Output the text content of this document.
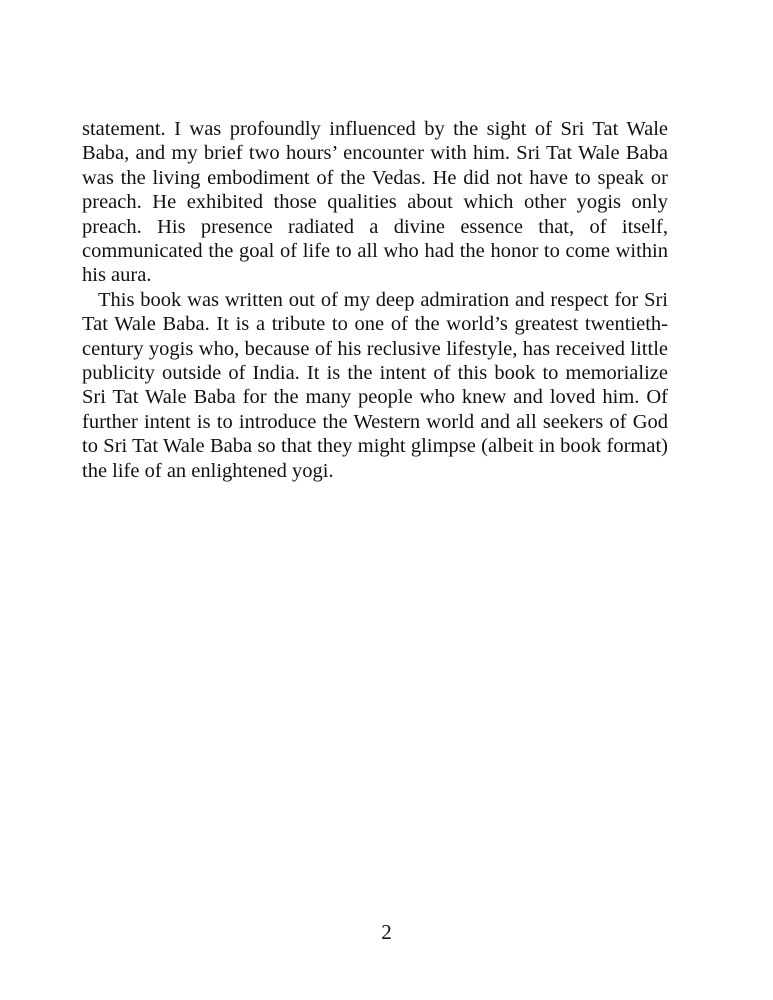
statement. I was profoundly influenced by the sight of Sri Tat Wale Baba, and my brief two hours’ encounter with him. Sri Tat Wale Baba was the living embodiment of the Vedas. He did not have to speak or preach. He exhibited those qualities about which other yogis only preach. His presence radiated a divine essence that, of itself, communicated the goal of life to all who had the honor to come within his aura.

This book was written out of my deep admiration and respect for Sri Tat Wale Baba. It is a tribute to one of the world’s greatest twentieth-century yogis who, because of his reclusive lifestyle, has received little publicity outside of India. It is the intent of this book to memorialize Sri Tat Wale Baba for the many people who knew and loved him. Of further intent is to introduce the Western world and all seekers of God to Sri Tat Wale Baba so that they might glimpse (albeit in book format) the life of an enlightened yogi.

2
